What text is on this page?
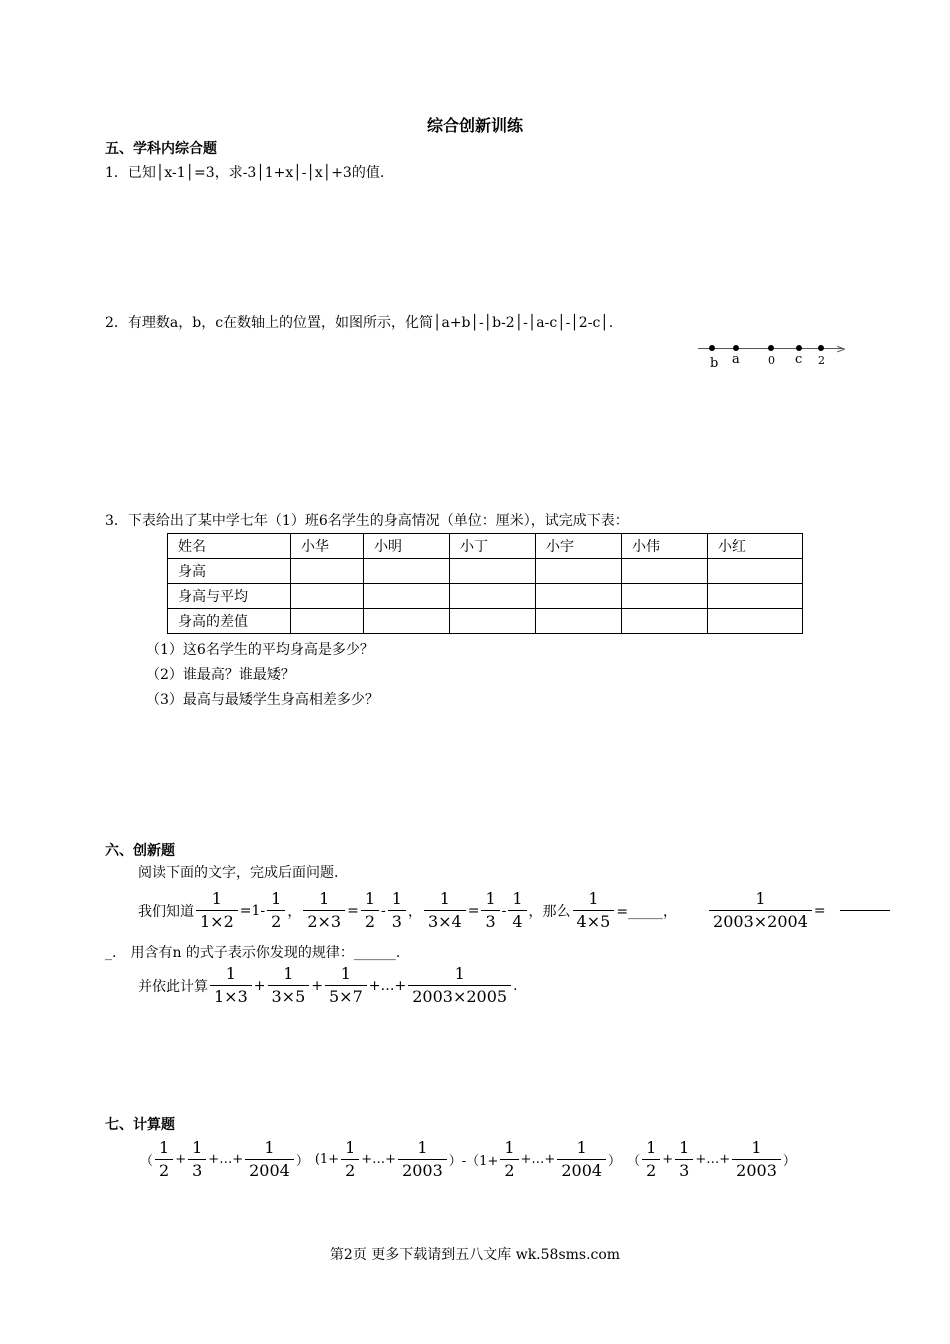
综合创新训练
五、学科内综合题
1．已知│x-1│=3，求-3│1+x│-│x│+3的值.
2．有理数a，b，c在数轴上的位置，如图所示，化简│a+b│-│b-2│-│a-c│-│2-c│.
>
b a	0 c 2
3．下表给出了某中学七年（1）班6名学生的身高情况（单位：厘米），试完成下表：
姓名	小华	小明	小丁	小宇	小伟	小红
身高						
身高与平均						
身高的差值						
（1）这6名学生的平均身高是多少？
（2）谁最高？谁最矮？
（3）最高与最矮学生身高相差多少？
六、创新题
阅读下面的文字，完成后面问题.
我们知道 $\frac{1}{1\times 2} =1- \frac{1}{2}$ ， $\frac{1}{2\times 3} = \frac{1}{2} - \frac{1}{3}$ ， $\frac{1}{3\times 4} = \frac{1}{3} - \frac{1}{4}$ ， 那么 $\frac{1}{4\times 5}$ =_____， $\frac{1}{2003\times 2004}$ =
_.　用含有n 的式子表示你发现的规律：______.
并依此计算 $\frac{1}{1\times 3} + \frac{1}{3\times 5} + \frac{1}{5\times 7}$ +…+ $\frac{1}{2003\times 2005}$ .
七、计算题
（ $\frac{1}{2} + \frac{1}{3}$ +…+ $\frac{1}{2004}$ ） ($1+ \frac{1}{2}$ +…+ $\frac{1}{2003} )-(1+ \frac{1}{2}$ +…+ $\frac{1}{2004}$ ） （ $\frac{1}{2} + \frac{1}{3}$ +…+ $\frac{1}{2003}$ ）
第2页 更多下载请到五八文库 wk.58sms.com
